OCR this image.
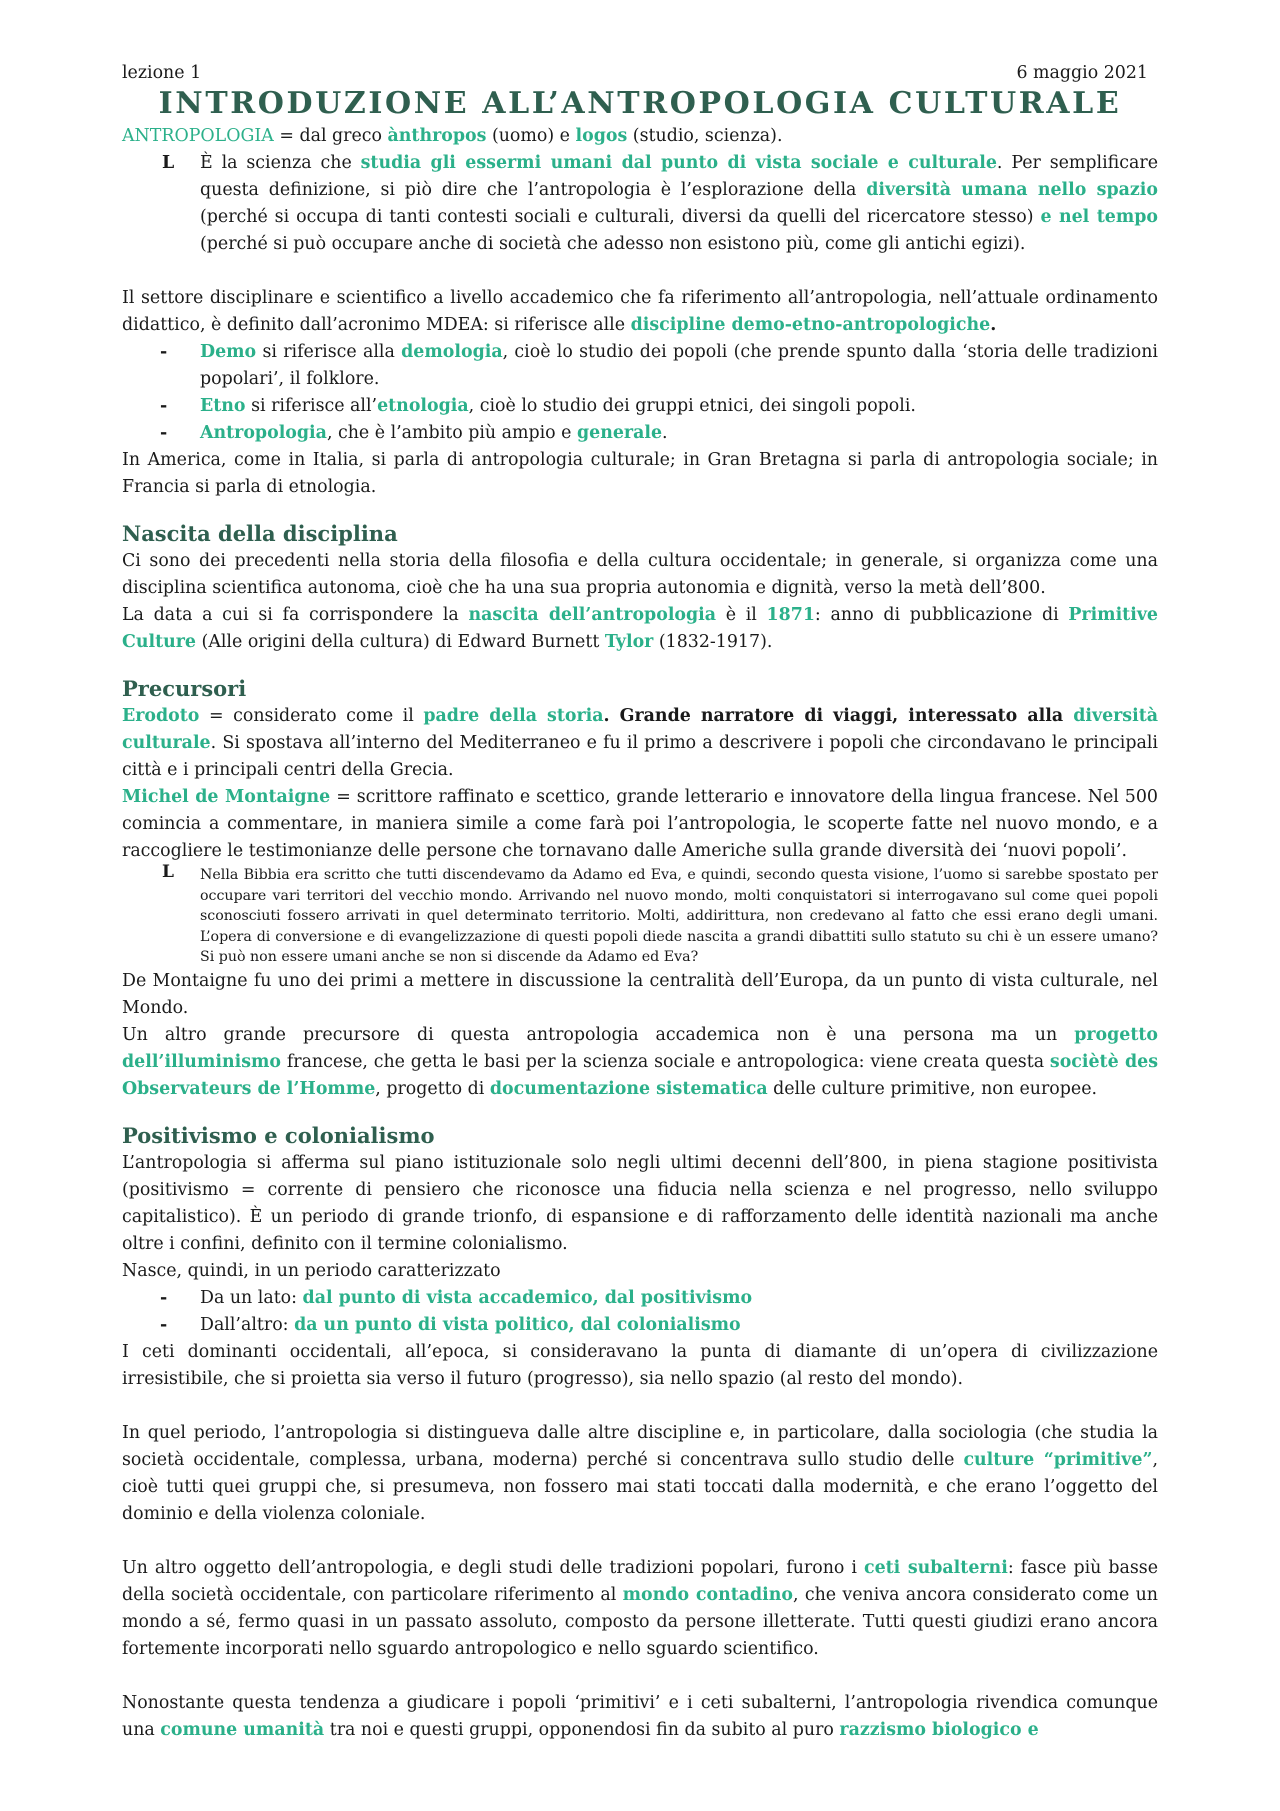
lezione 1	6 maggio 2021
INTRODUZIONE ALL’ANTROPOLOGIA CULTURALE

ANTROPOLOGIA = dal greco ànthropos (uomo) e logos (studio, scienza).

L È la scienza che studia gli essermi umani dal punto di vista sociale e culturale. Per semplificare questa definizione, si piò dire che l’antropologia è l’esplorazione della diversità umana nello spazio (perché si occupa di tanti contesti sociali e culturali, diversi da quelli del ricercatore stesso) e nel tempo (perché si può occupare anche di società che adesso non esistono più, come gli antichi egizi).

Il settore disciplinare e scientifico a livello accademico che fa riferimento all’antropologia, nell’attuale ordinamento didattico, è definito dall’acronimo MDEA: si riferisce alle discipline demo-etno-antropologiche.

- Demo si riferisce alla demologia, cioè lo studio dei popoli (che prende spunto dalla ‘storia delle tradizioni popolari’, il folklore.
- Etno si riferisce all’etnologia, cioè lo studio dei gruppi etnici, dei singoli popoli.
- Antropologia, che è l’ambito più ampio e generale.

In America, come in Italia, si parla di antropologia culturale; in Gran Bretagna si parla di antropologia sociale; in Francia si parla di etnologia.

Nascita della disciplina

Ci sono dei precedenti nella storia della filosofia e della cultura occidentale; in generale, si organizza come una disciplina scientifica autonoma, cioè che ha una sua propria autonomia e dignità, verso la metà dell’800.

La data a cui si fa corrispondere la nascita dell’antropologia è il 1871: anno di pubblicazione di Primitive Culture (Alle origini della cultura) di Edward Burnett Tylor (1832-1917).

Precursori

Erodoto = considerato come il padre della storia. Grande narratore di viaggi, interessato alla diversità culturale. Si spostava all’interno del Mediterraneo e fu il primo a descrivere i popoli che circondavano le principali città e i principali centri della Grecia.

Michel de Montaigne = scrittore raffinato e scettico, grande letterario e innovatore della lingua francese. Nel 500 comincia a commentare, in maniera simile a come farà poi l’antropologia, le scoperte fatte nel nuovo mondo, e a raccogliere le testimonianze delle persone che tornavano dalle Americhe sulla grande diversità dei ‘nuovi popoli’.

L Nella Bibbia era scritto che tutti discendevamo da Adamo ed Eva, e quindi, secondo questa visione, l’uomo si sarebbe spostato per occupare vari territori del vecchio mondo. Arrivando nel nuovo mondo, molti conquistatori si interrogavano sul come quei popoli sconosciuti fossero arrivati in quel determinato territorio. Molti, addirittura, non credevano al fatto che essi erano degli umani. L’opera di conversione e di evangelizzazione di questi popoli diede nascita a grandi dibattiti sullo statuto su chi è un essere umano? Si può non essere umani anche se non si discende da Adamo ed Eva?

De Montaigne fu uno dei primi a mettere in discussione la centralità dell’Europa, da un punto di vista culturale, nel Mondo.

Un altro grande precursore di questa antropologia accademica non è una persona ma un progetto dell’illuminismo francese, che getta le basi per la scienza sociale e antropologica: viene creata questa sociètè des Observateurs de l’Homme, progetto di documentazione sistematica delle culture primitive, non europee.

Positivismo e colonialismo

L’antropologia si afferma sul piano istituzionale solo negli ultimi decenni dell’800, in piena stagione positivista (positivismo = corrente di pensiero che riconosce una fiducia nella scienza e nel progresso, nello sviluppo capitalistico). È un periodo di grande trionfo, di espansione e di rafforzamento delle identità nazionali ma anche oltre i confini, definito con il termine colonialismo.

Nasce, quindi, in un periodo caratterizzato

- Da un lato: dal punto di vista accademico, dal positivismo
- Dall’altro: da un punto di vista politico, dal colonialismo

I ceti dominanti occidentali, all’epoca, si consideravano la punta di diamante di un’opera di civilizzazione irresistibile, che si proietta sia verso il futuro (progresso), sia nello spazio (al resto del mondo).

In quel periodo, l’antropologia si distingueva dalle altre discipline e, in particolare, dalla sociologia (che studia la società occidentale, complessa, urbana, moderna) perché si concentrava sullo studio delle culture “primitive”, cioè tutti quei gruppi che, si presumeva, non fossero mai stati toccati dalla modernità, e che erano l’oggetto del dominio e della violenza coloniale.

Un altro oggetto dell’antropologia, e degli studi delle tradizioni popolari, furono i ceti subalterni: fasce più basse della società occidentale, con particolare riferimento al mondo contadino, che veniva ancora considerato come un mondo a sé, fermo quasi in un passato assoluto, composto da persone illetterate. Tutti questi giudizi erano ancora fortemente incorporati nello sguardo antropologico e nello sguardo scientifico.

Nonostante questa tendenza a giudicare i popoli ‘primitivi’ e i ceti subalterni, l’antropologia rivendica comunque una comune umanità tra noi e questi gruppi, opponendosi fin da subito al puro razzismo biologico e
